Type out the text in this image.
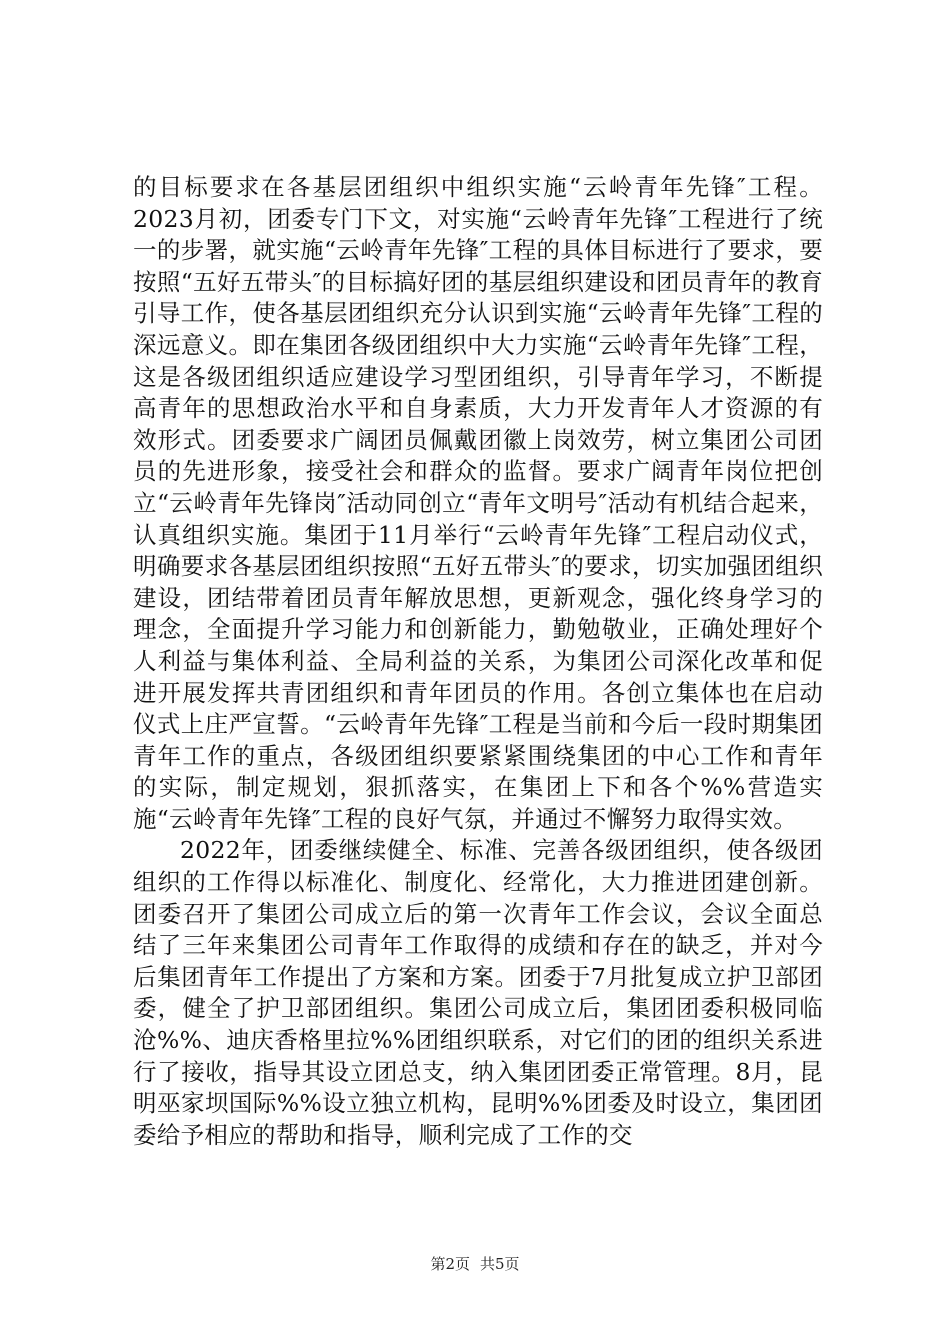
的目标要求在各基层团组织中组织实施“云岭青年先锋″工程。2023月初，团委专门下文，对实施“云岭青年先锋″工程进行了统一的步署，就实施“云岭青年先锋″工程的具体目标进行了要求，要按照“五好五带头″的目标搞好团的基层组织建设和团员青年的教育引导工作，使各基层团组织充分认识到实施“云岭青年先锋″工程的深远意义。即在集团各级团组织中大力实施“云岭青年先锋″工程，这是各级团组织适应建设学习型团组织，引导青年学习，不断提高青年的思想政治水平和自身素质，大力开发青年人才资源的有效形式。团委要求广阔团员佩戴团徽上岗效劳，树立集团公司团员的先进形象，接受社会和群众的监督。要求广阔青年岗位把创立“云岭青年先锋岗″活动同创立“青年文明号″活动有机结合起来，认真组织实施。集团于11月举行“云岭青年先锋″工程启动仪式，明确要求各基层团组织按照“五好五带头″的要求，切实加强团组织建设，团结带着团员青年解放思想，更新观念，强化终身学习的理念，全面提升学习能力和创新能力，勤勉敬业，正确处理好个人利益与集体利益、全局利益的关系，为集团公司深化改革和促进开展发挥共青团组织和青年团员的作用。各创立集体也在启动仪式上庄严宣誓。“云岭青年先锋″工程是当前和今后一段时期集团青年工作的重点，各级团组织要紧紧围绕集团的中心工作和青年的实际，制定规划，狠抓落实，在集团上下和各个%%营造实施“云岭青年先锋″工程的良好气氛，并通过不懈努力取得实效。

2022年，团委继续健全、标准、完善各级团组织，使各级团组织的工作得以标准化、制度化、经常化，大力推进团建创新。团委召开了集团公司成立后的第一次青年工作会议，会议全面总结了三年来集团公司青年工作取得的成绩和存在的缺乏，并对今后集团青年工作提出了方案和方案。团委于7月批复成立护卫部团委，健全了护卫部团组织。集团公司成立后，集团团委积极同临沧%%、迪庆香格里拉%%团组织联系，对它们的团的组织关系进行了接收，指导其设立团总支，纳入集团团委正常管理。8月，昆明巫家坝国际%%设立独立机构，昆明%%团委及时设立，集团团委给予相应的帮助和指导，顺利完成了工作的交

第2页 共5页
